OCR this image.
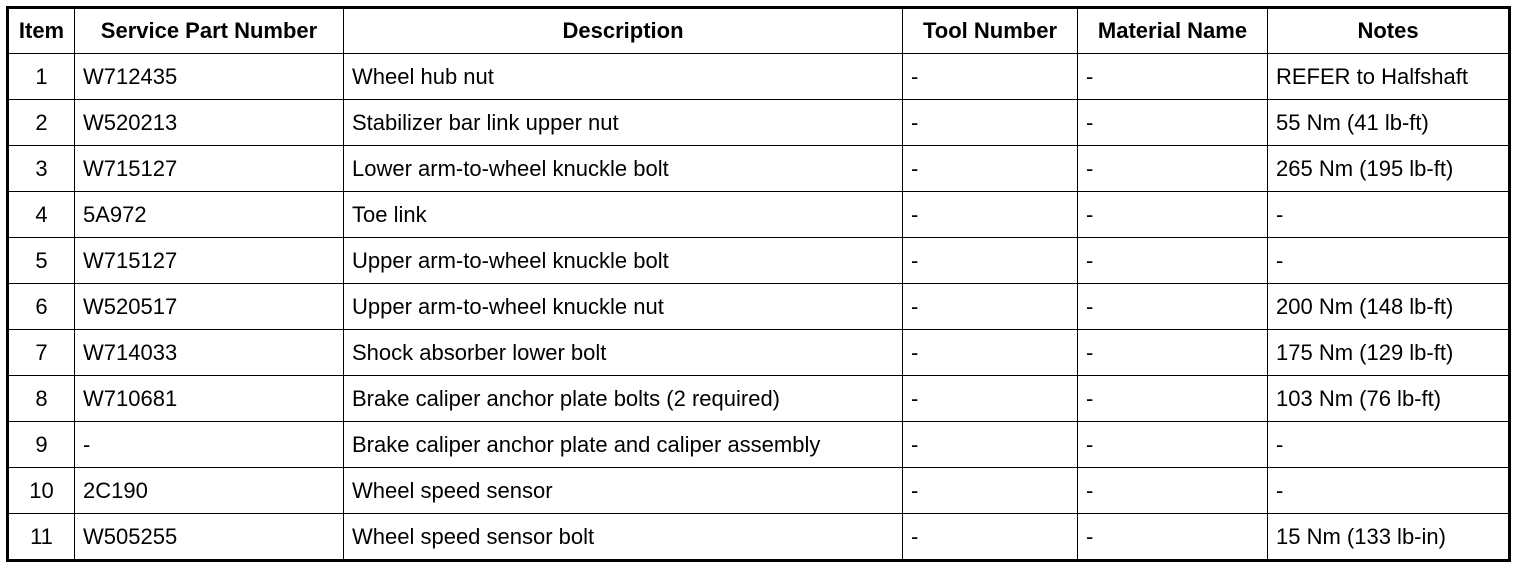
Item	Service Part Number	Description	Tool Number	Material Name	Notes
1	W712435	Wheel hub nut	-	-	REFER to Halfshaft
2	W520213	Stabilizer bar link upper nut	-	-	55 Nm (41 lb-ft)
3	W715127	Lower arm-to-wheel knuckle bolt	-	-	265 Nm (195 lb-ft)
4	5A972	Toe link	-	-	-
5	W715127	Upper arm-to-wheel knuckle bolt	-	-	-
6	W520517	Upper arm-to-wheel knuckle nut	-	-	200 Nm (148 lb-ft)
7	W714033	Shock absorber lower bolt	-	-	175 Nm (129 lb-ft)
8	W710681	Brake caliper anchor plate bolts (2 required)	-	-	103 Nm (76 lb-ft)
9	-	Brake caliper anchor plate and caliper assembly	-	-	-
10	2C190	Wheel speed sensor	-	-	-
11	W505255	Wheel speed sensor bolt	-	-	15 Nm (133 lb-in)
